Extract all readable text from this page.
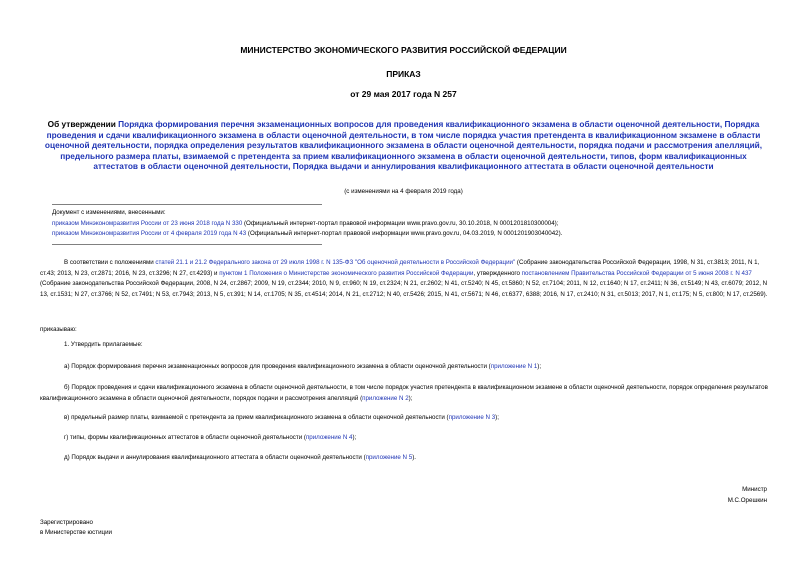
МИНИСТЕРСТВО ЭКОНОМИЧЕСКОГО РАЗВИТИЯ РОССИЙСКОЙ ФЕДЕРАЦИИ
ПРИКАЗ
от 29 мая 2017 года N 257
Об утверждении Порядка формирования перечня экзаменационных вопросов для проведения квалификационного экзамена в области оценочной деятельности, Порядка проведения и сдачи квалификационного экзамена в области оценочной деятельности, в том числе порядка участия претендента в квалификационном экзамене в области оценочной деятельности, порядка определения результатов квалификационного экзамена в области оценочной деятельности, порядка подачи и рассмотрения апелляций, предельного размера платы, взимаемой с претендента за прием квалификационного экзамена в области оценочной деятельности, типов, форм квалификационных аттестатов в области оценочной деятельности, Порядка выдачи и аннулирования квалификационного аттестата в области оценочной деятельности
(с изменениями на 4 февраля 2019 года)
Документ с изменениями, внесенными:
приказом Минэкономразвития России от 23 июня 2018 года N 330 (Официальный интернет-портал правовой информации www.pravo.gov.ru, 30.10.2018, N 0001201810300004);
приказом Минэкономразвития России от 4 февраля 2019 года N 43 (Официальный интернет-портал правовой информации www.pravo.gov.ru, 04.03.2019, N 0001201903040042).
В соответствии с положениями статей 21.1 и 21.2 Федерального закона от 29 июля 1998 г. N 135-ФЗ "Об оценочной деятельности в Российской Федерации" (Собрание законодательства Российской Федерации, 1998, N 31, ст.3813; 2011, N 1, ст.43; 2013, N 23, ст.2871; 2016, N 23, ст.3296; N 27, ст.4293) и пунктом 1 Положения о Министерстве экономического развития Российской Федерации, утвержденного постановлением Правительства Российской Федерации от 5 июня 2008 г. N 437 (Собрание законодательства Российской Федерации, 2008, N 24, ст.2867; 2009, N 19, ст.2344; 2010, N 9, ст.960; N 19, ст.2324; N 21, ст.2602; N 41, ст.5240; N 45, ст.5860; N 52, ст.7104; 2011, N 12, ст.1640; N 17, ст.2411; N 36, ст.5149; N 43, ст.6079; 2012, N 13, ст.1531; N 27, ст.3766; N 52, ст.7491; N 53, ст.7943; 2013, N 5, ст.391; N 14, ст.1705; N 35, ст.4514; 2014, N 21, ст.2712; N 40, ст.5426; 2015, N 41, ст.5671; N 46, ст.6377, 6388; 2016, N 17, ст.2410; N 31, ст.5013; 2017, N 1, ст.175; N 5, ст.800; N 17, ст.2569).
приказываю:
1. Утвердить прилагаемые:
а) Порядок формирования перечня экзаменационных вопросов для проведения квалификационного экзамена в области оценочной деятельности (приложение N 1);
б) Порядок проведения и сдачи квалификационного экзамена в области оценочной деятельности, в том числе порядок участия претендента в квалификационном экзамене в области оценочной деятельности, порядок определения результатов квалификационного экзамена в области оценочной деятельности, порядок подачи и рассмотрения апелляций (приложение N 2);
в) предельный размер платы, взимаемой с претендента за прием квалификационного экзамена в области оценочной деятельности (приложение N 3);
г) типы, формы квалификационных аттестатов в области оценочной деятельности (приложение N 4);
д) Порядок выдачи и аннулирования квалификационного аттестата в области оценочной деятельности (приложение N 5).
Министр
М.С.Орешкин
Зарегистрировано
в Министерстве юстиции
